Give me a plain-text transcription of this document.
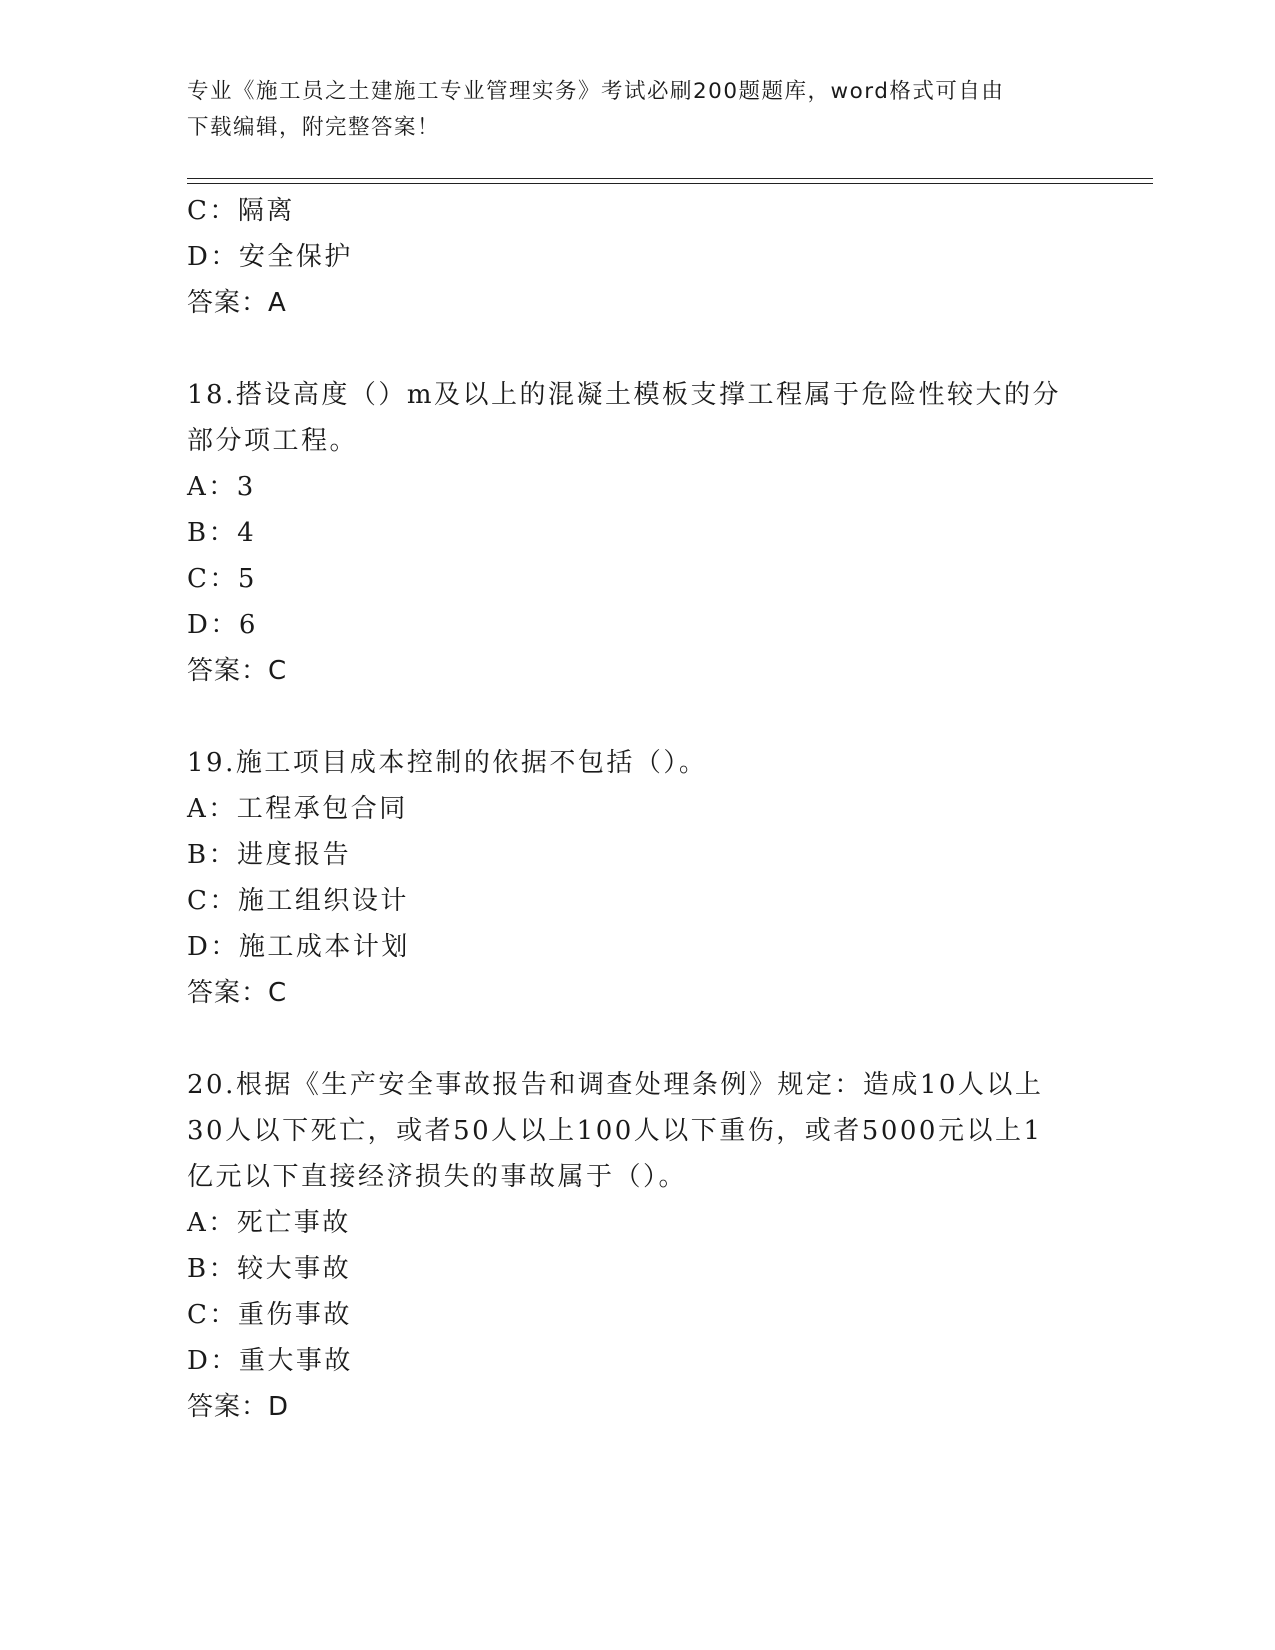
专业《施工员之土建施工专业管理实务》考试必刷200题题库，word格式可自由
下载编辑，附完整答案！
C：隔离
D：安全保护
答案：A
18.搭设高度（）m及以上的混凝土模板支撑工程属于危险性较大的分
部分项工程。
A：3
B：4
C：5
D：6
答案：C
19.施工项目成本控制的依据不包括（）。
A：工程承包合同
B：进度报告
C：施工组织设计
D：施工成本计划
答案：C
20.根据《生产安全事故报告和调查处理条例》规定：造成10人以上
30人以下死亡，或者50人以上100人以下重伤，或者5000元以上1
亿元以下直接经济损失的事故属于（）。
A：死亡事故
B：较大事故
C：重伤事故
D：重大事故
答案：D
